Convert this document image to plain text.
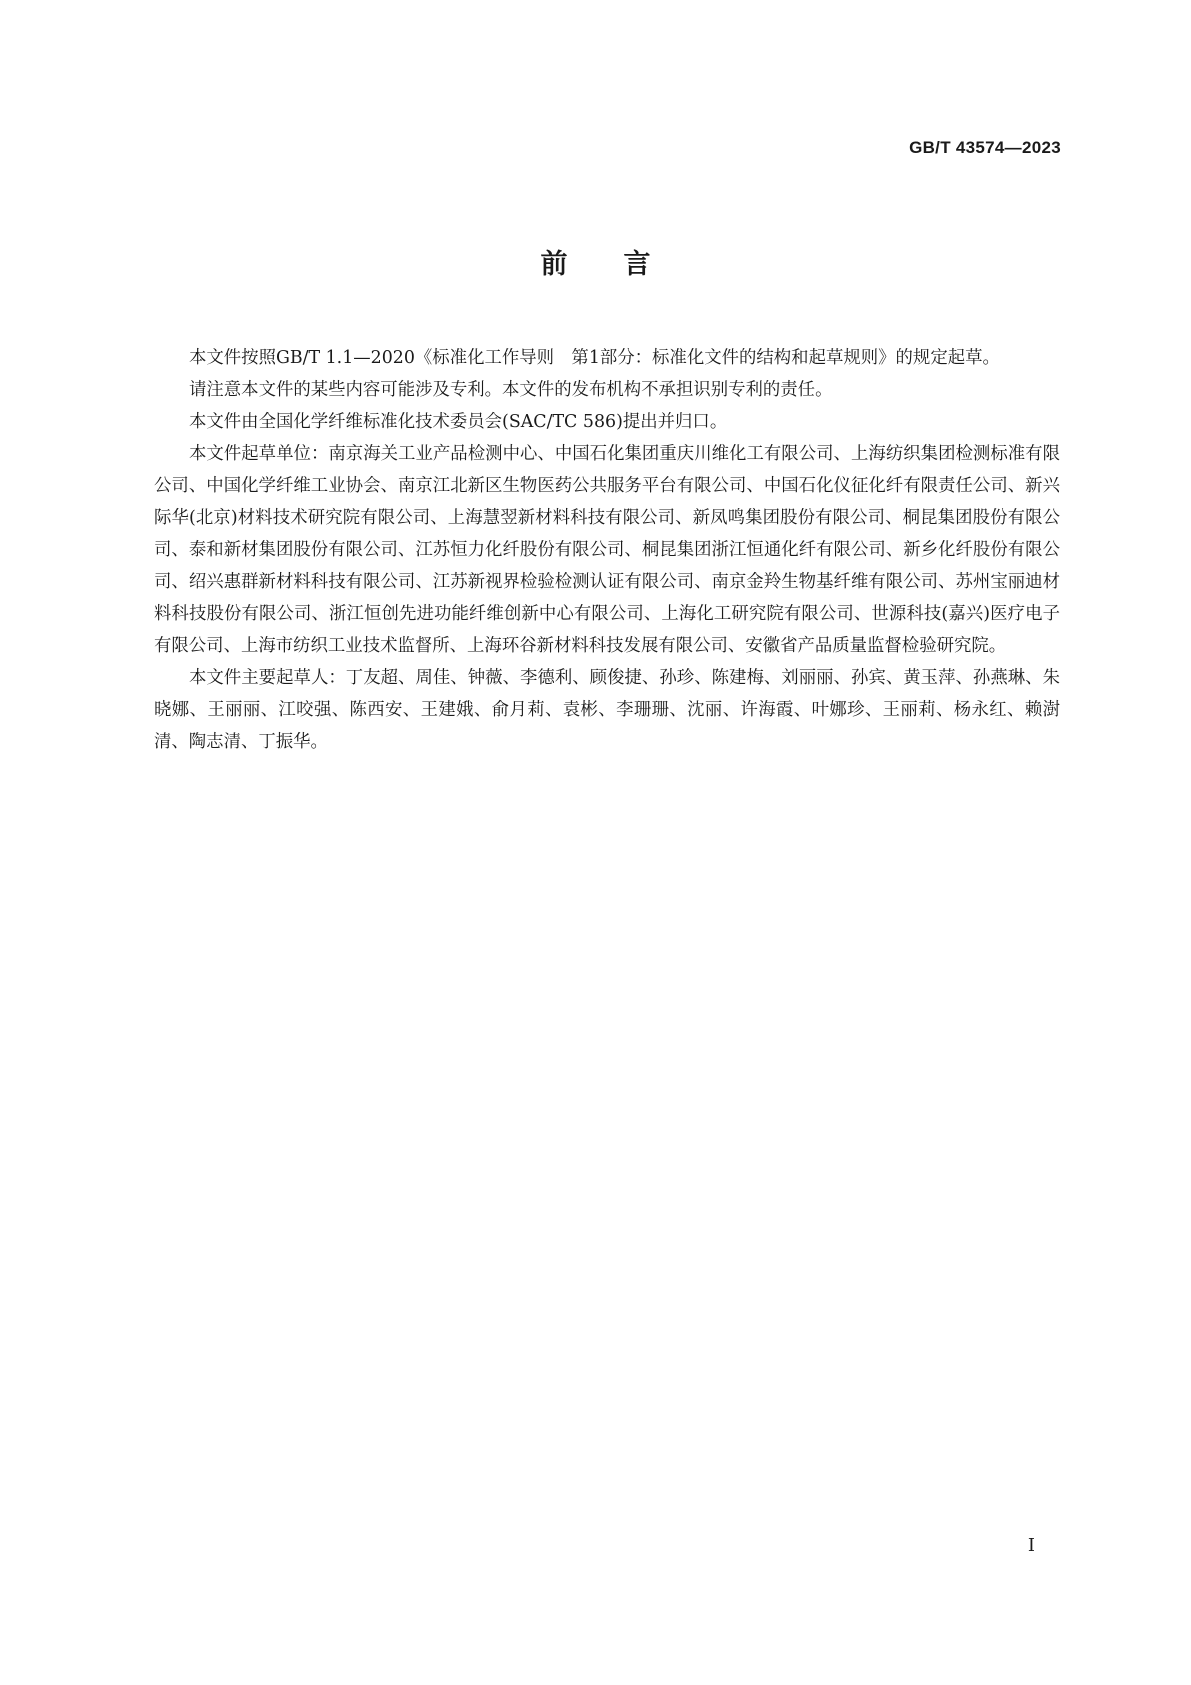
GB/T 43574—2023
前言

本文件按照GB/T 1.1—2020《标准化工作导则　第1部分：标准化文件的结构和起草规则》的规定起草。

请注意本文件的某些内容可能涉及专利。本文件的发布机构不承担识别专利的责任。

本文件由全国化学纤维标准化技术委员会(SAC/TC 586)提出并归口。

本文件起草单位：南京海关工业产品检测中心、中国石化集团重庆川维化工有限公司、上海纺织集团检测标准有限公司、中国化学纤维工业协会、南京江北新区生物医药公共服务平台有限公司、中国石化仪征化纤有限责任公司、新兴际华(北京)材料技术研究院有限公司、上海慧翌新材料科技有限公司、新凤鸣集团股份有限公司、桐昆集团股份有限公司、泰和新材集团股份有限公司、江苏恒力化纤股份有限公司、桐昆集团浙江恒通化纤有限公司、新乡化纤股份有限公司、绍兴惠群新材料科技有限公司、江苏新视界检验检测认证有限公司、南京金羚生物基纤维有限公司、苏州宝丽迪材料科技股份有限公司、浙江恒创先进功能纤维创新中心有限公司、上海化工研究院有限公司、世源科技(嘉兴)医疗电子有限公司、上海市纺织工业技术监督所、上海环谷新材料科技发展有限公司、安徽省产品质量监督检验研究院。

本文件主要起草人：丁友超、周佳、钟薇、李德利、顾俊捷、孙珍、陈建梅、刘丽丽、孙宾、黄玉萍、孙燕琳、朱晓娜、王丽丽、江咬强、陈西安、王建娥、俞月莉、袁彬、李珊珊、沈丽、许海霞、叶娜珍、王丽莉、杨永红、赖澍清、陶志清、丁振华。

I
